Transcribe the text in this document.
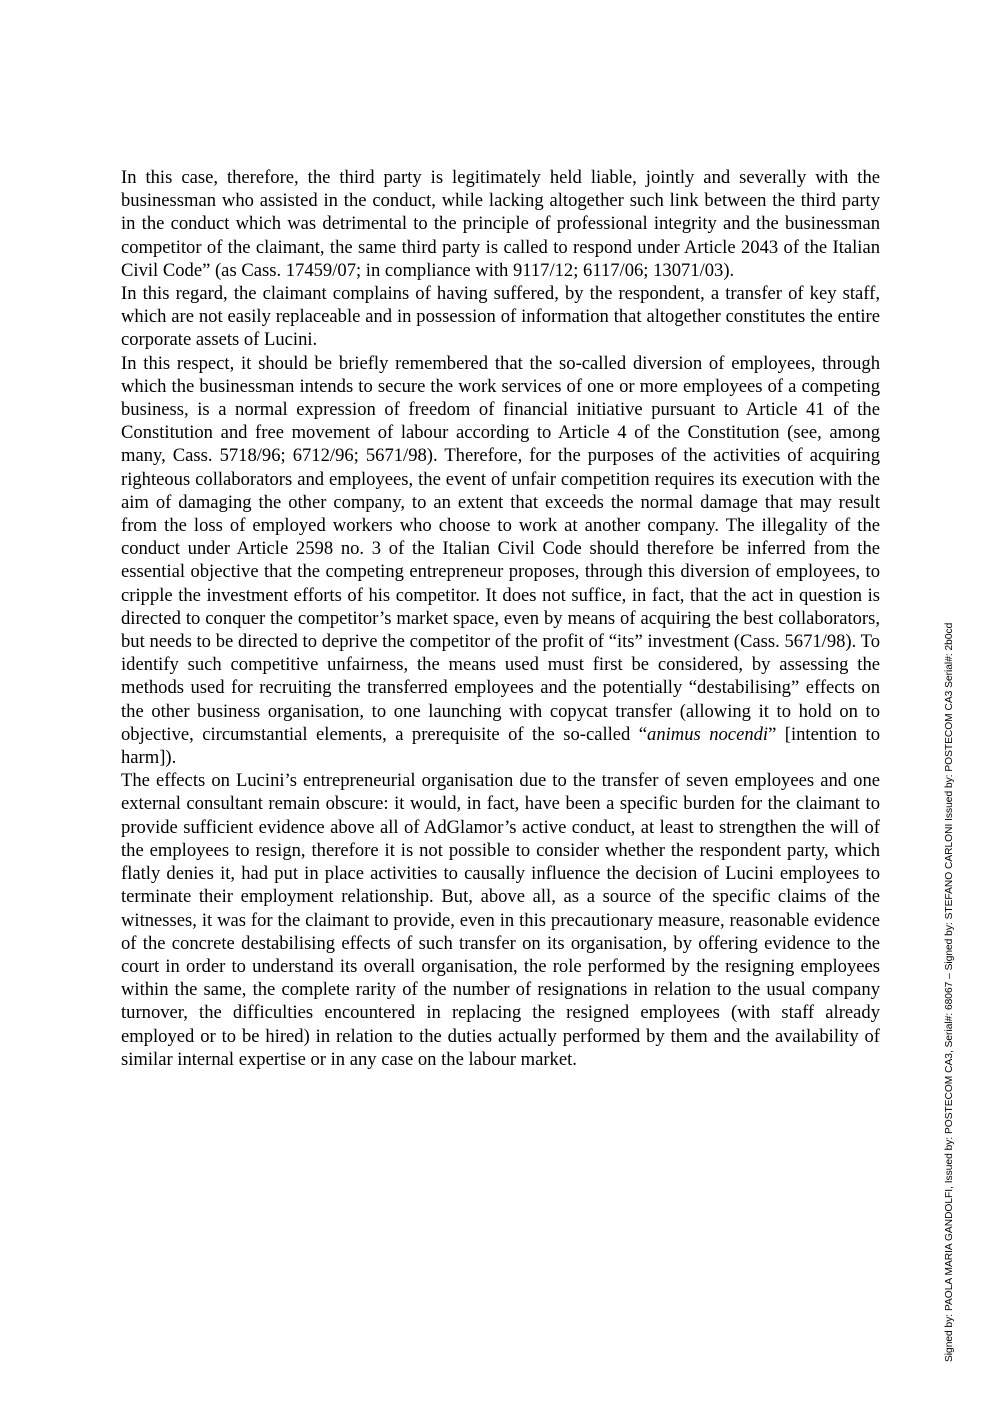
In this case, therefore, the third party is legitimately held liable, jointly and severally with the businessman who assisted in the conduct, while lacking altogether such link between the third party in the conduct which was detrimental to the principle of professional integrity and the businessman competitor of the claimant, the same third party is called to respond under Article 2043 of the Italian Civil Code” (as Cass. 17459/07; in compliance with 9117/12; 6117/06; 13071/03).

In this regard, the claimant complains of having suffered, by the respondent, a transfer of key staff, which are not easily replaceable and in possession of information that altogether constitutes the entire corporate assets of Lucini.

In this respect, it should be briefly remembered that the so-called diversion of employees, through which the businessman intends to secure the work services of one or more employees of a competing business, is a normal expression of freedom of financial initiative pursuant to Article 41 of the Constitution and free movement of labour according to Article 4 of the Constitution (see, among many, Cass. 5718/96; 6712/96; 5671/98). Therefore, for the purposes of the activities of acquiring righteous collaborators and employees, the event of unfair competition requires its execution with the aim of damaging the other company, to an extent that exceeds the normal damage that may result from the loss of employed workers who choose to work at another company. The illegality of the conduct under Article 2598 no. 3 of the Italian Civil Code should therefore be inferred from the essential objective that the competing entrepreneur proposes, through this diversion of employees, to cripple the investment efforts of his competitor. It does not suffice, in fact, that the act in question is directed to conquer the competitor’s market space, even by means of acquiring the best collaborators, but needs to be directed to deprive the competitor of the profit of “its” investment (Cass. 5671/98). To identify such competitive unfairness, the means used must first be considered, by assessing the methods used for recruiting the transferred employees and the potentially “destabilising” effects on the other business organisation, to one launching with copycat transfer (allowing it to hold on to objective, circumstantial elements, a prerequisite of the so-called “animus nocendi” [intention to harm]).

The effects on Lucini’s entrepreneurial organisation due to the transfer of seven employees and one external consultant remain obscure: it would, in fact, have been a specific burden for the claimant to provide sufficient evidence above all of AdGlamor’s active conduct, at least to strengthen the will of the employees to resign, therefore it is not possible to consider whether the respondent party, which flatly denies it, had put in place activities to causally influence the decision of Lucini employees to terminate their employment relationship. But, above all, as a source of the specific claims of the witnesses, it was for the claimant to provide, even in this precautionary measure, reasonable evidence of the concrete destabilising effects of such transfer on its organisation, by offering evidence to the court in order to understand its overall organisation, the role performed by the resigning employees within the same, the complete rarity of the number of resignations in relation to the usual company turnover, the difficulties encountered in replacing the resigned employees (with staff already employed or to be hired) in relation to the duties actually performed by them and the availability of similar internal expertise or in any case on the labour market.	Signed by: PAOLA MARIA GANDOLFI, Issued by: POSTECOM CA3, Serial#: 68067 – Signed by: STEFANO CARLONI Issued by: POSTECOM CA3 Serial#: 2b0cd
